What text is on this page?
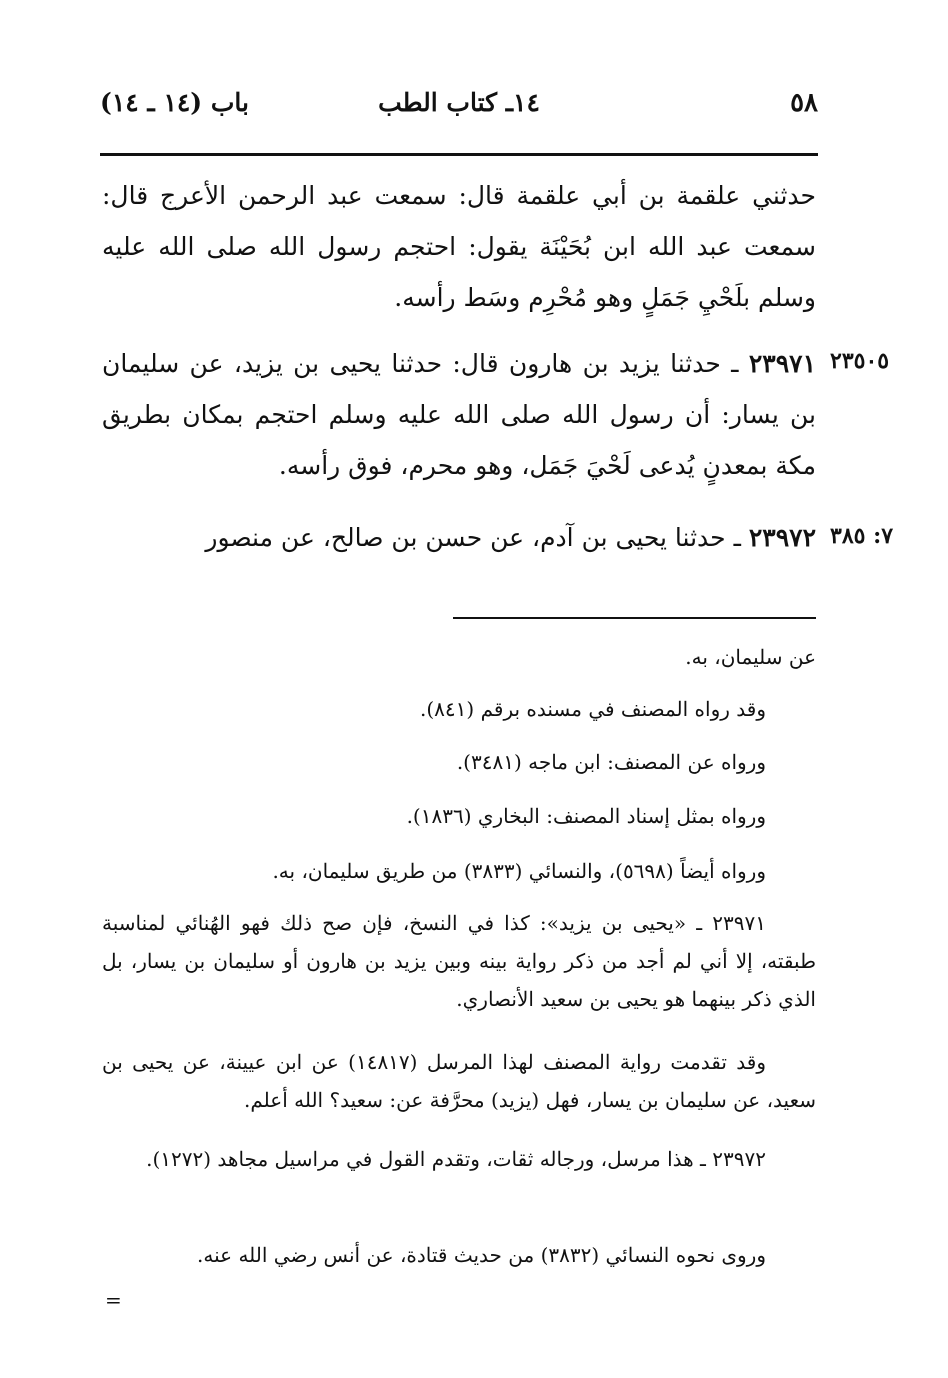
٥٨
١٤ـ كتاب الطب
باب (١٤ ـ ١٤)
حدثني علقمة بن أبي علقمة قال: سمعت عبد الرحمن الأعرج قال: سمعت عبد الله ابن بُحَيْنَة يقول: احتجم رسول الله صلى الله عليه وسلم بلَحْيِ جَمَلٍ وهو مُحْرِم وسَط رأسه.
٢٣٥٠٥
٢٣٩٧١ ـ حدثنا يزيد بن هارون قال: حدثنا يحيى بن يزيد، عن سليمان بن يسار: أن رسول الله صلى الله عليه وسلم احتجم بمكان بطريق مكة بمعدنٍ يُدعى لَحْيَ جَمَل، وهو محرم، فوق رأسه.
٧: ٣٨٥
٢٣٩٧٢ ـ حدثنا يحيى بن آدم، عن حسن بن صالح، عن منصور
عن سليمان، به.
وقد رواه المصنف في مسنده برقم (٨٤١).
ورواه عن المصنف: ابن ماجه (٣٤٨١).
ورواه بمثل إسناد المصنف: البخاري (١٨٣٦).
ورواه أيضاً (٥٦٩٨)، والنسائي (٣٨٣٣) من طريق سليمان، به.
٢٣٩٧١ ـ «يحيى بن يزيد»: كذا في النسخ، فإن صح ذلك فهو الهُنائي لمناسبة طبقته، إلا أني لم أجد من ذكر رواية بينه وبين يزيد بن هارون أو سليمان بن يسار، بل الذي ذكر بينهما هو يحيى بن سعيد الأنصاري.
وقد تقدمت رواية المصنف لهذا المرسل (١٤٨١٧) عن ابن عيينة، عن يحيى بن سعيد، عن سليمان بن يسار، فهل (يزيد) محرَّفة عن: سعيد؟ الله أعلم.
٢٣٩٧٢ ـ هذا مرسل، ورجاله ثقات، وتقدم القول في مراسيل مجاهد (١٢٧٢).
وروى نحوه النسائي (٣٨٣٢) من حديث قتادة، عن أنس رضي الله عنه.
=
